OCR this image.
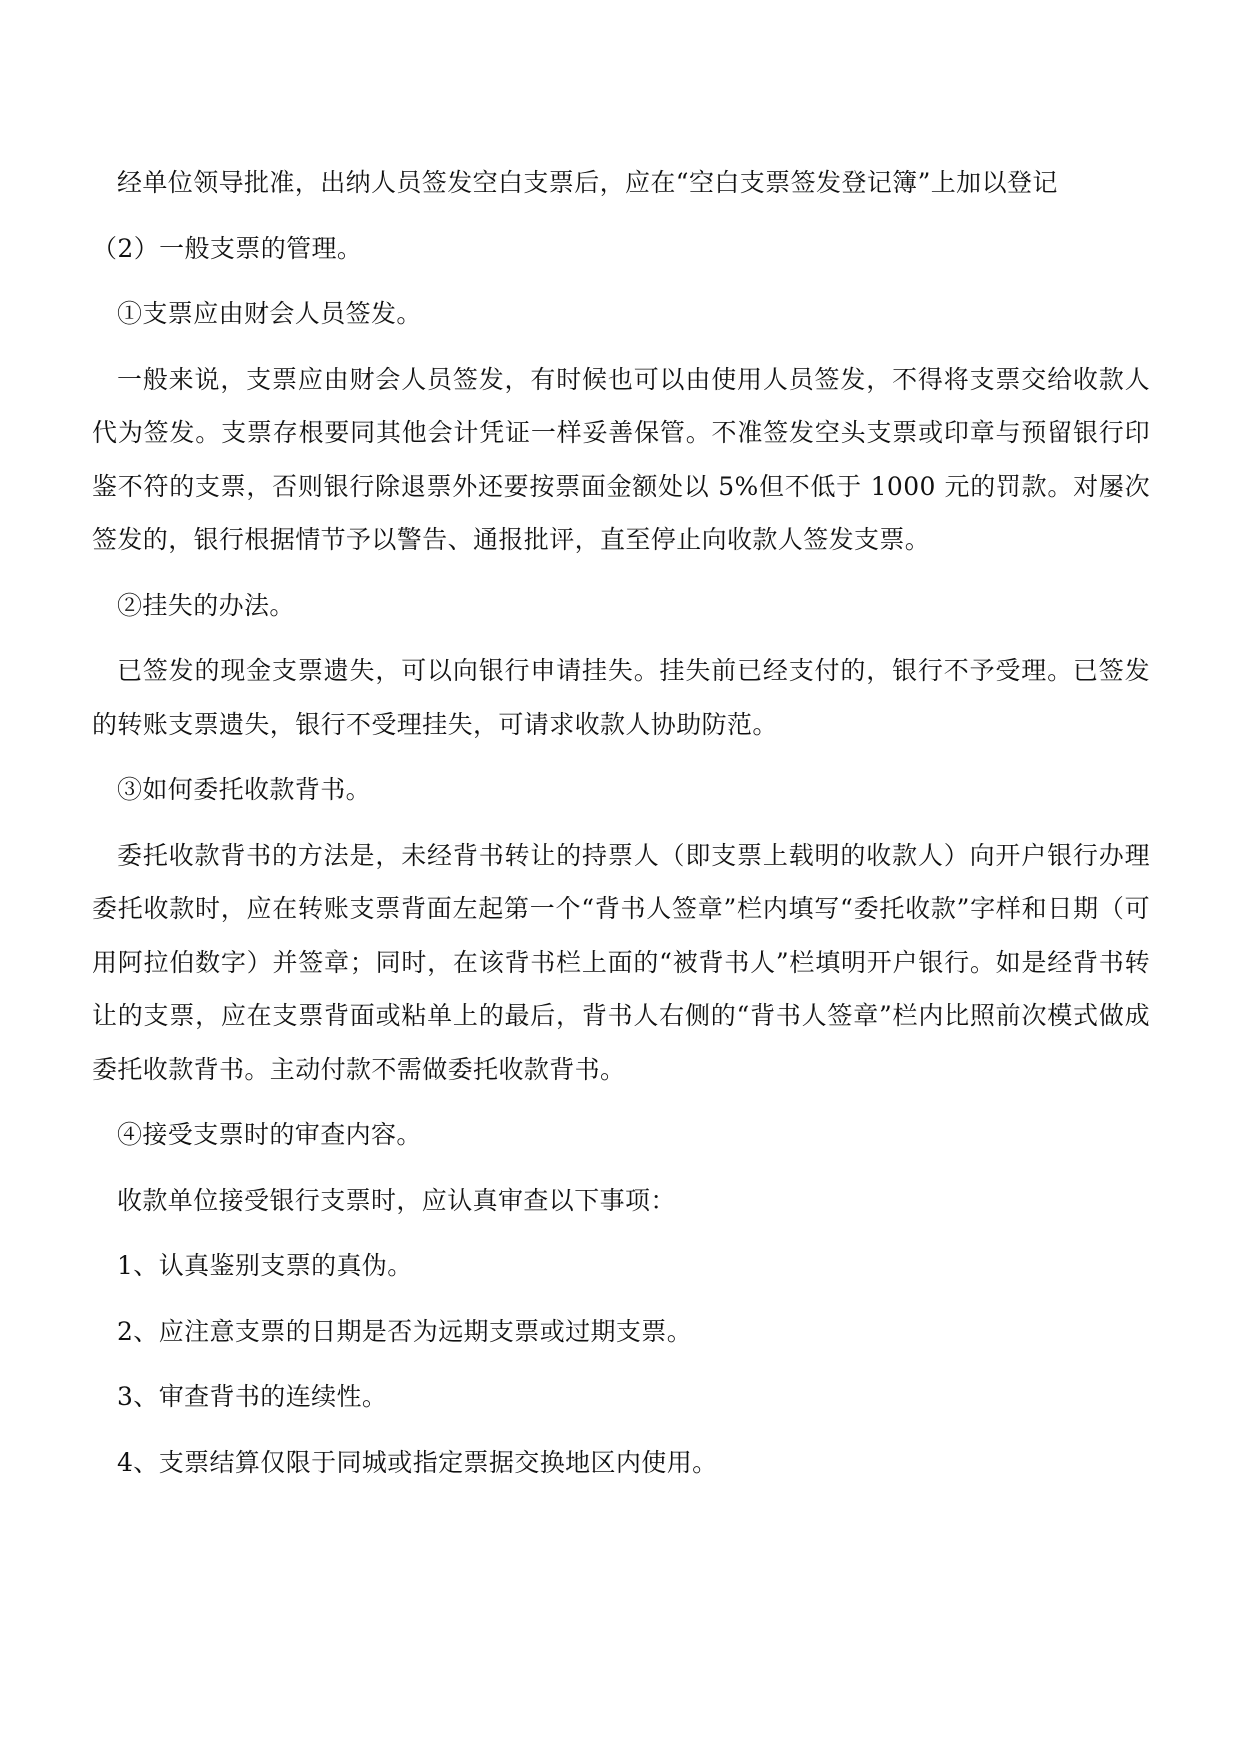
经单位领导批准，出纳人员签发空白支票后，应在“空白支票签发登记簿”上加以登记

（2）一般支票的管理。

①支票应由财会人员签发。

一般来说，支票应由财会人员签发，有时候也可以由使用人员签发，不得将支票交给收款人代为签发。支票存根要同其他会计凭证一样妥善保管。不准签发空头支票或印章与预留银行印鉴不符的支票，否则银行除退票外还要按票面金额处以 5%但不低于 1000 元的罚款。对屡次签发的，银行根据情节予以警告、通报批评，直至停止向收款人签发支票。

②挂失的办法。

已签发的现金支票遗失，可以向银行申请挂失。挂失前已经支付的，银行不予受理。已签发的转账支票遗失，银行不受理挂失，可请求收款人协助防范。

③如何委托收款背书。

委托收款背书的方法是，未经背书转让的持票人（即支票上载明的收款人）向开户银行办理委托收款时，应在转账支票背面左起第一个“背书人签章”栏内填写“委托收款”字样和日期（可用阿拉伯数字）并签章；同时，在该背书栏上面的“被背书人”栏填明开户银行。如是经背书转让的支票，应在支票背面或粘单上的最后，背书人右侧的“背书人签章”栏内比照前次模式做成委托收款背书。主动付款不需做委托收款背书。

④接受支票时的审查内容。

收款单位接受银行支票时，应认真审查以下事项：

1、认真鉴别支票的真伪。

2、应注意支票的日期是否为远期支票或过期支票。

3、审查背书的连续性。

4、支票结算仅限于同城或指定票据交换地区内使用。
